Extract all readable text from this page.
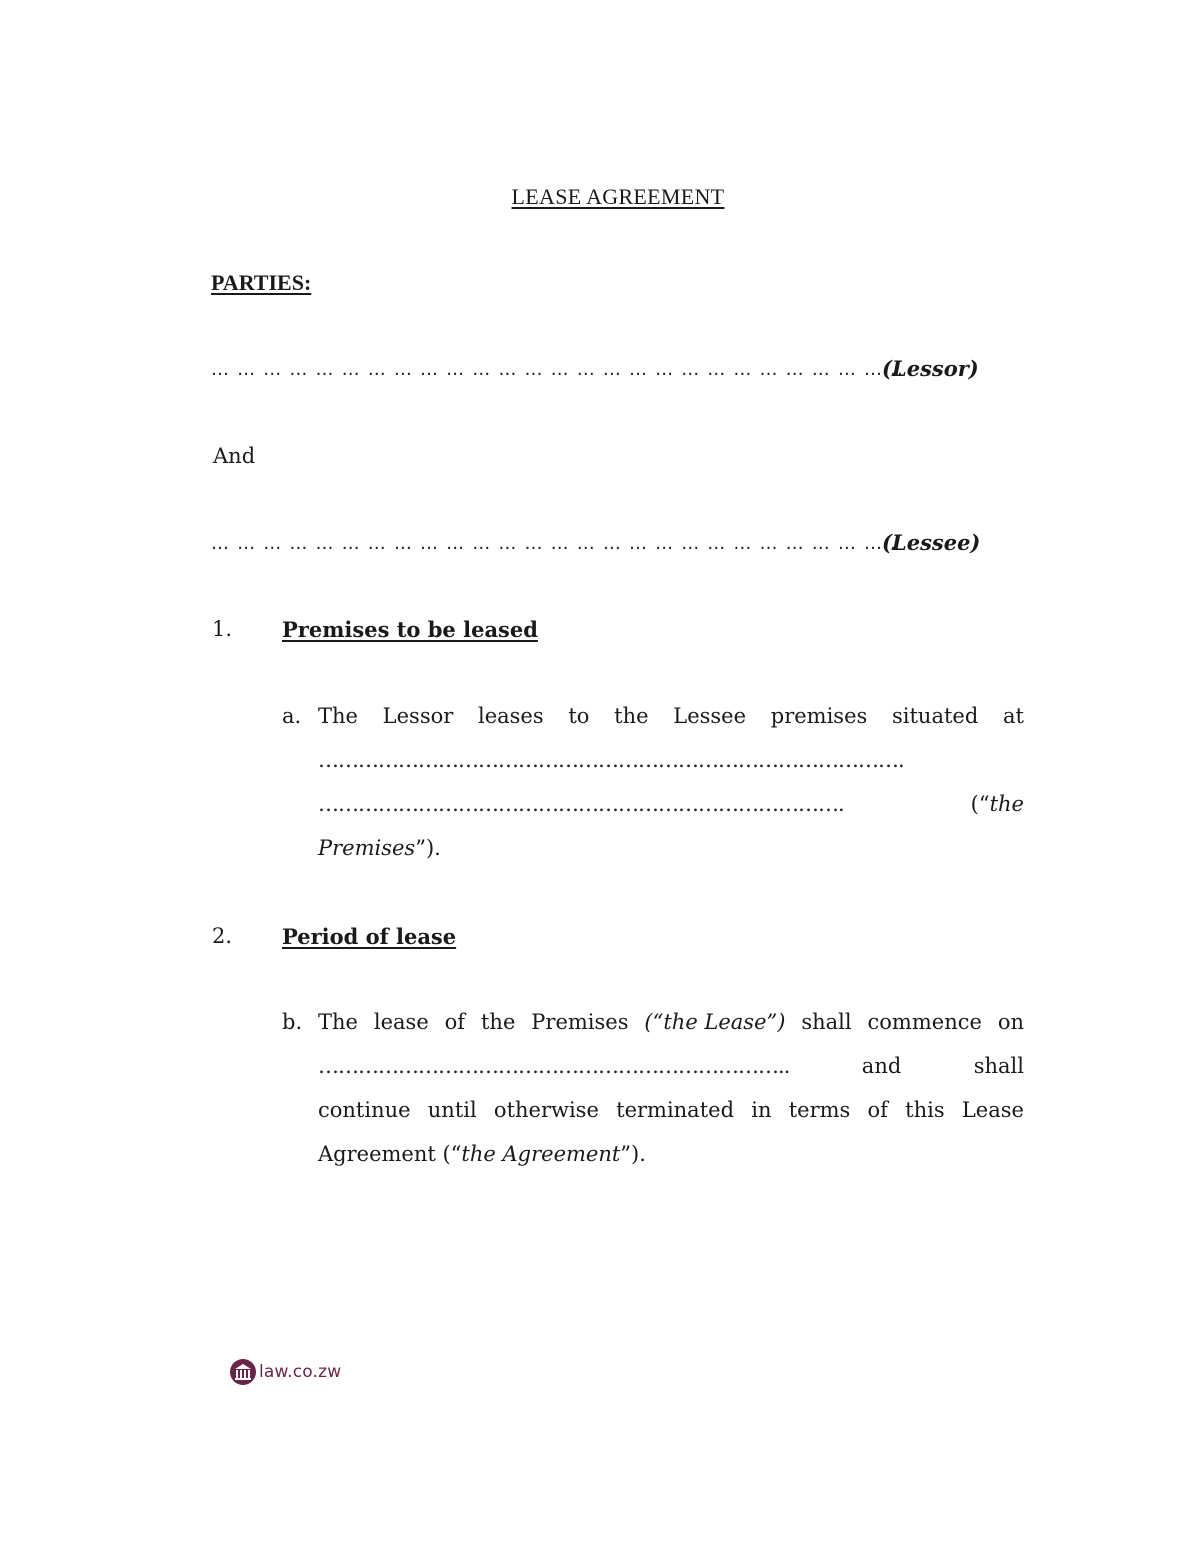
LEASE AGREEMENT
PARTIES:
… … … … … … … … … … … … … … … … … … … … … … … … … … ..
(Lessor)
And
… … … … … … … … … … … … … … … … … … … … … … … … … … .
(Lessee)
1. Premises to be leased
a. The Lessor leases to the Lessee premises situated at
…………………………………………………………………………….
…………………………………………………………………….	(“the
Premises”).
2. Period of lease
b. The lease of the Premises (“the Lease”) shall commence on
……………………………………………………………..	and	shall
continue until otherwise terminated in terms of this Lease
Agreement (“the Agreement”).
law.co.zw
